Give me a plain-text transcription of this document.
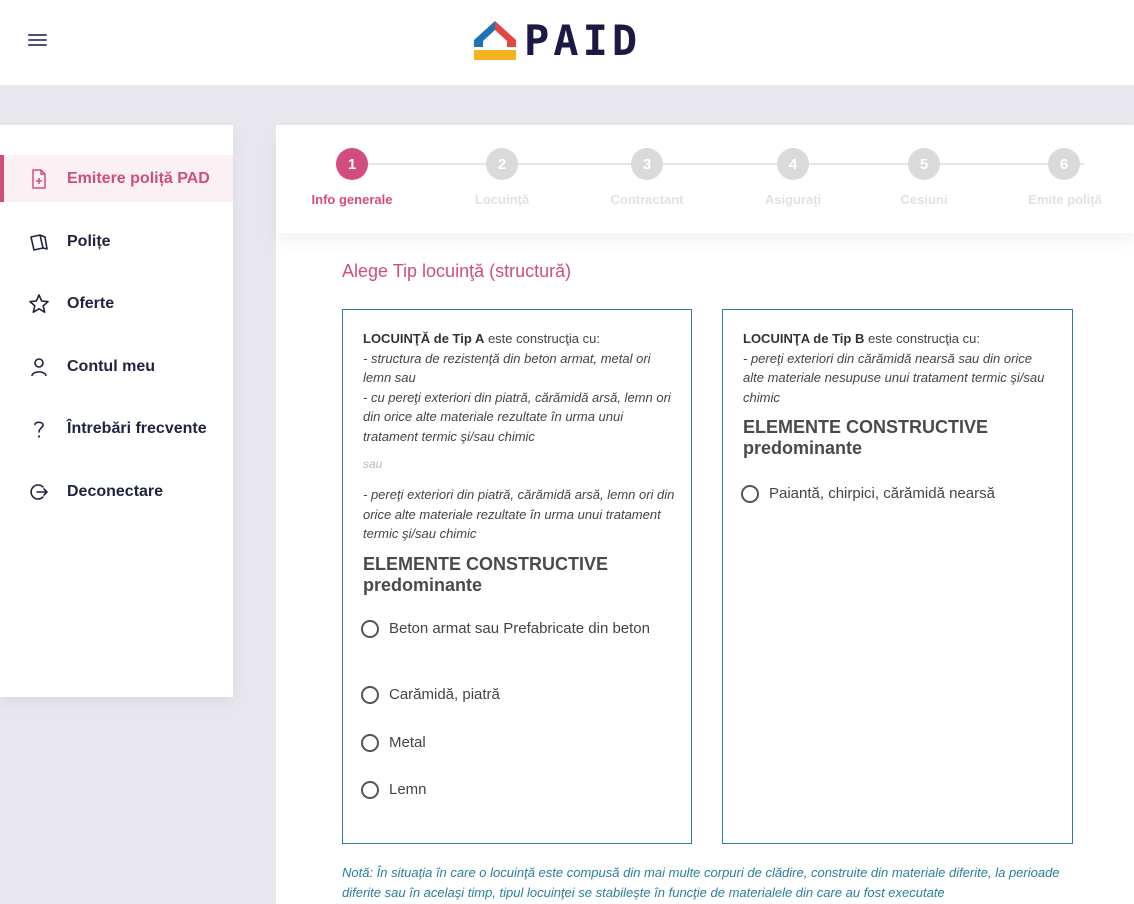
PAID
Emitere poliță PAD
Polițe
Oferte
Contul meu
Întrebări frecvente
Deconectare
1	2	3	4	5	6
Info generale	Locuință	Contractant	Asigurați	Cesiuni	Emite poliță
Alege Tip locuinţă (structură)
LOCUINŢĂ de Tip A este construcţia cu:
- structura de rezistenţă din beton armat, metal ori lemn sau
- cu pereţi exteriori din piatră, cărămidă arsă, lemn ori din orice alte materiale rezultate în urma unui tratament termic şi/sau chimic
sau
- pereţi exteriori din piatră, cărămidă arsă, lemn ori din orice alte materiale rezultate în urma unui tratament termic şi/sau chimic
ELEMENTE CONSTRUCTIVE predominante
Beton armat sau Prefabricate din beton
Carămidă, piatră
Metal
Lemn
LOCUINŢA de Tip B este construcţia cu:
- pereţi exteriori din cărămidă nearsă sau din orice alte materiale nesupuse unui tratament termic şi/sau chimic
ELEMENTE CONSTRUCTIVE predominante
Paiantă, chirpici, cărămidă nearsă
Notă: În situaţia în care o locuinţă este compusă din mai multe corpuri de clădire, construite din materiale diferite, la perioade diferite sau în acelaşi timp, tipul locuinţei se stabileşte în funcţie de materialele din care au fost executate
